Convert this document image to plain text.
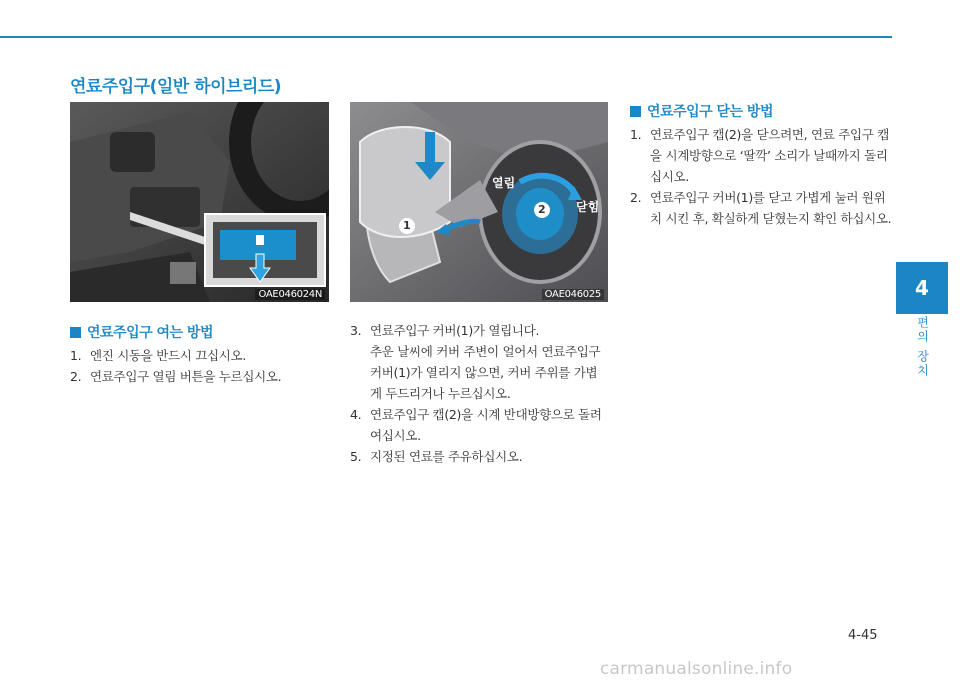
연료주입구(일반 하이브리드)
OAE046024N
1
2
열림
닫힘
OAE046025
연료주입구 여는 방법
1. 엔진 시동을 반드시 끄십시오.
2. 연료주입구 열림 버튼을 누르십시오.
3. 연료주입구 커버(1)가 열립니다.
추운 날씨에 커버 주변이 얼어서 연료주입구 커버(1)가 열리지 않으면, 커버 주위를 가볍게 두드리거나 누르십시오.
4. 연료주입구 캡(2)을 시계 반대방향으로 돌려 여십시오.
5. 지정된 연료를 주유하십시오.
연료주입구 닫는 방법
1. 연료주입구 캡(2)을 닫으려면, 연료 주입구 캡을 시계방향으로 ‘딸깍’ 소리가 날때까지 돌리십시오.
2. 연료주입구 커버(1)를 닫고 가볍게 눌러 원위치 시킨 후, 확실하게 닫혔는지 확인 하십시오.
4
편의 장치
4-45
carmanualsonline.info
